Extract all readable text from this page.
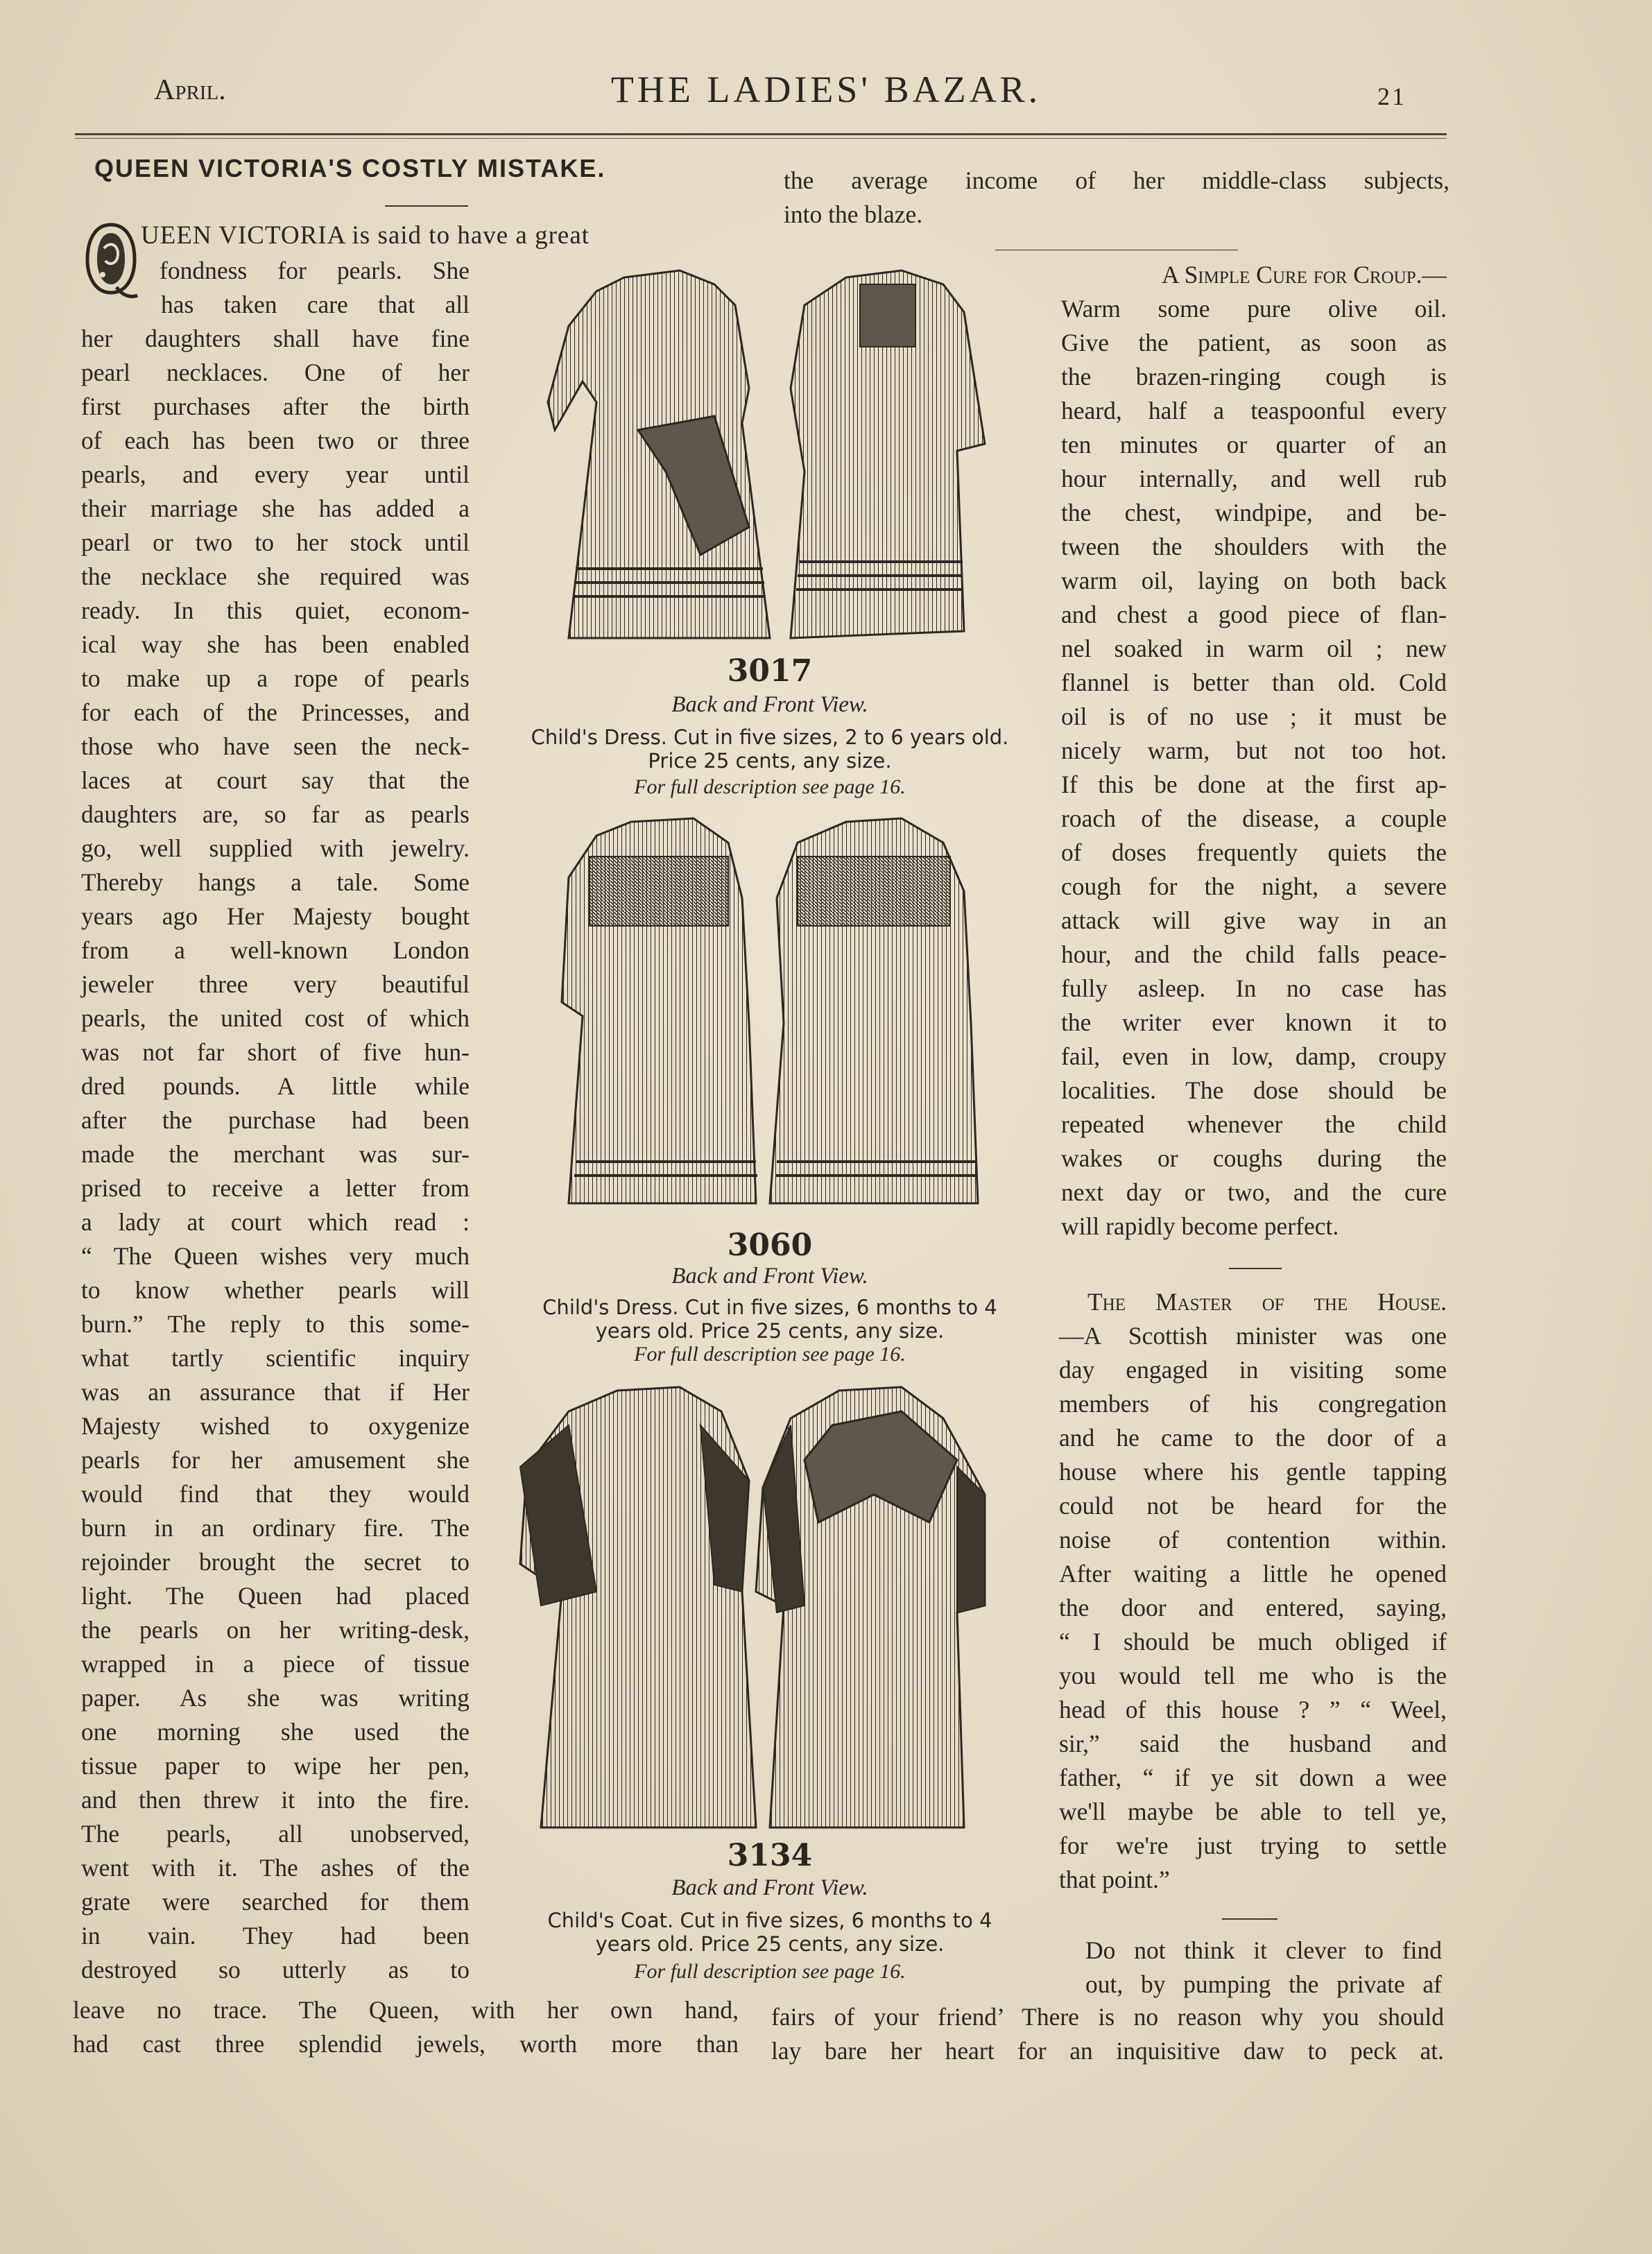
April.	THE LADIES' BAZAR.	21
QUEEN VICTORIA'S COSTLY MISTAKE.
UEEN VICTORIA is said to have a great

fondness for pearls. She

has taken care that all

her daughters shall have fine

pearl necklaces. One of her

first purchases after the birth

of each has been two or three

pearls, and every year until

their marriage she has added a

pearl or two to her stock until

the necklace she required was

ready. In this quiet, econom-

ical way she has been enabled

to make up a rope of pearls

for each of the Princesses, and

those who have seen the neck-

laces at court say that the

daughters are, so far as pearls

go, well supplied with jewelry.

Thereby hangs a tale. Some

years ago Her Majesty bought

from a well-known London

jeweler three very beautiful

pearls, the united cost of which

was not far short of five hun-

dred pounds. A little while

after the purchase had been

made the merchant was sur-

prised to receive a letter from

a lady at court which read :

“ The Queen wishes very much

to know whether pearls will

burn.” The reply to this some-

what tartly scientific inquiry

was an assurance that if Her

Majesty wished to oxygenize

pearls for her amusement she

would find that they would

burn in an ordinary fire. The

rejoinder brought the secret to

light. The Queen had placed

the pearls on her writing-desk,

wrapped in a piece of tissue

paper. As she was writing

one morning she used the

tissue paper to wipe her pen,

and then threw it into the fire.

The pearls, all unobserved,

went with it. The ashes of the

grate were searched for them

in vain. They had been

destroyed so utterly as to

leave no trace. The Queen, with her own hand,

had cast three splendid jewels, worth more than

the average income of her middle-class subjects,

into the blaze.

3017
Back and Front View.
Child's Dress. Cut in five sizes, 2 to 6 years old.
Price 25 cents, any size.
For full description see page 16.
3060
Back and Front View.
Child's Dress. Cut in five sizes, 6 months to 4
years old. Price 25 cents, any size.
For full description see page 16.
3134
Back and Front View.
Child's Coat. Cut in five sizes, 6 months to 4
years old. Price 25 cents, any size.
For full description see page 16.

A Simple Cure for Croup.—

Warm some pure olive oil.

Give the patient, as soon as

the brazen-ringing cough is

heard, half a teaspoonful every

ten minutes or quarter of an

hour internally, and well rub

the chest, windpipe, and be-

tween the shoulders with the

warm oil, laying on both back

and chest a good piece of flan-

nel soaked in warm oil ; new

flannel is better than old. Cold

oil is of no use ; it must be

nicely warm, but not too hot.

If this be done at the first ap-

roach of the disease, a couple

of doses frequently quiets the

cough for the night, a severe

attack will give way in an

hour, and the child falls peace-

fully asleep. In no case has

the writer ever known it to

fail, even in low, damp, croupy

localities. The dose should be

repeated whenever the child

wakes or coughs during the

next day or two, and the cure

will rapidly become perfect.

The Master of the House.

—A Scottish minister was one

day engaged in visiting some

members of his congregation

and he came to the door of a

house where his gentle tapping

could not be heard for the

noise of contention within.

After waiting a little he opened

the door and entered, saying,

“ I should be much obliged if

you would tell me who is the

head of this house ? ” “ Weel,

sir,” said the husband and

father, “ if ye sit down a wee

we'll maybe be able to tell ye,

for we're just trying to settle

that point.”

Do not think it clever to find

out, by pumping the private af

fairs of your friend’ There is no reason why you should

lay bare her heart for an inquisitive daw to peck at.
